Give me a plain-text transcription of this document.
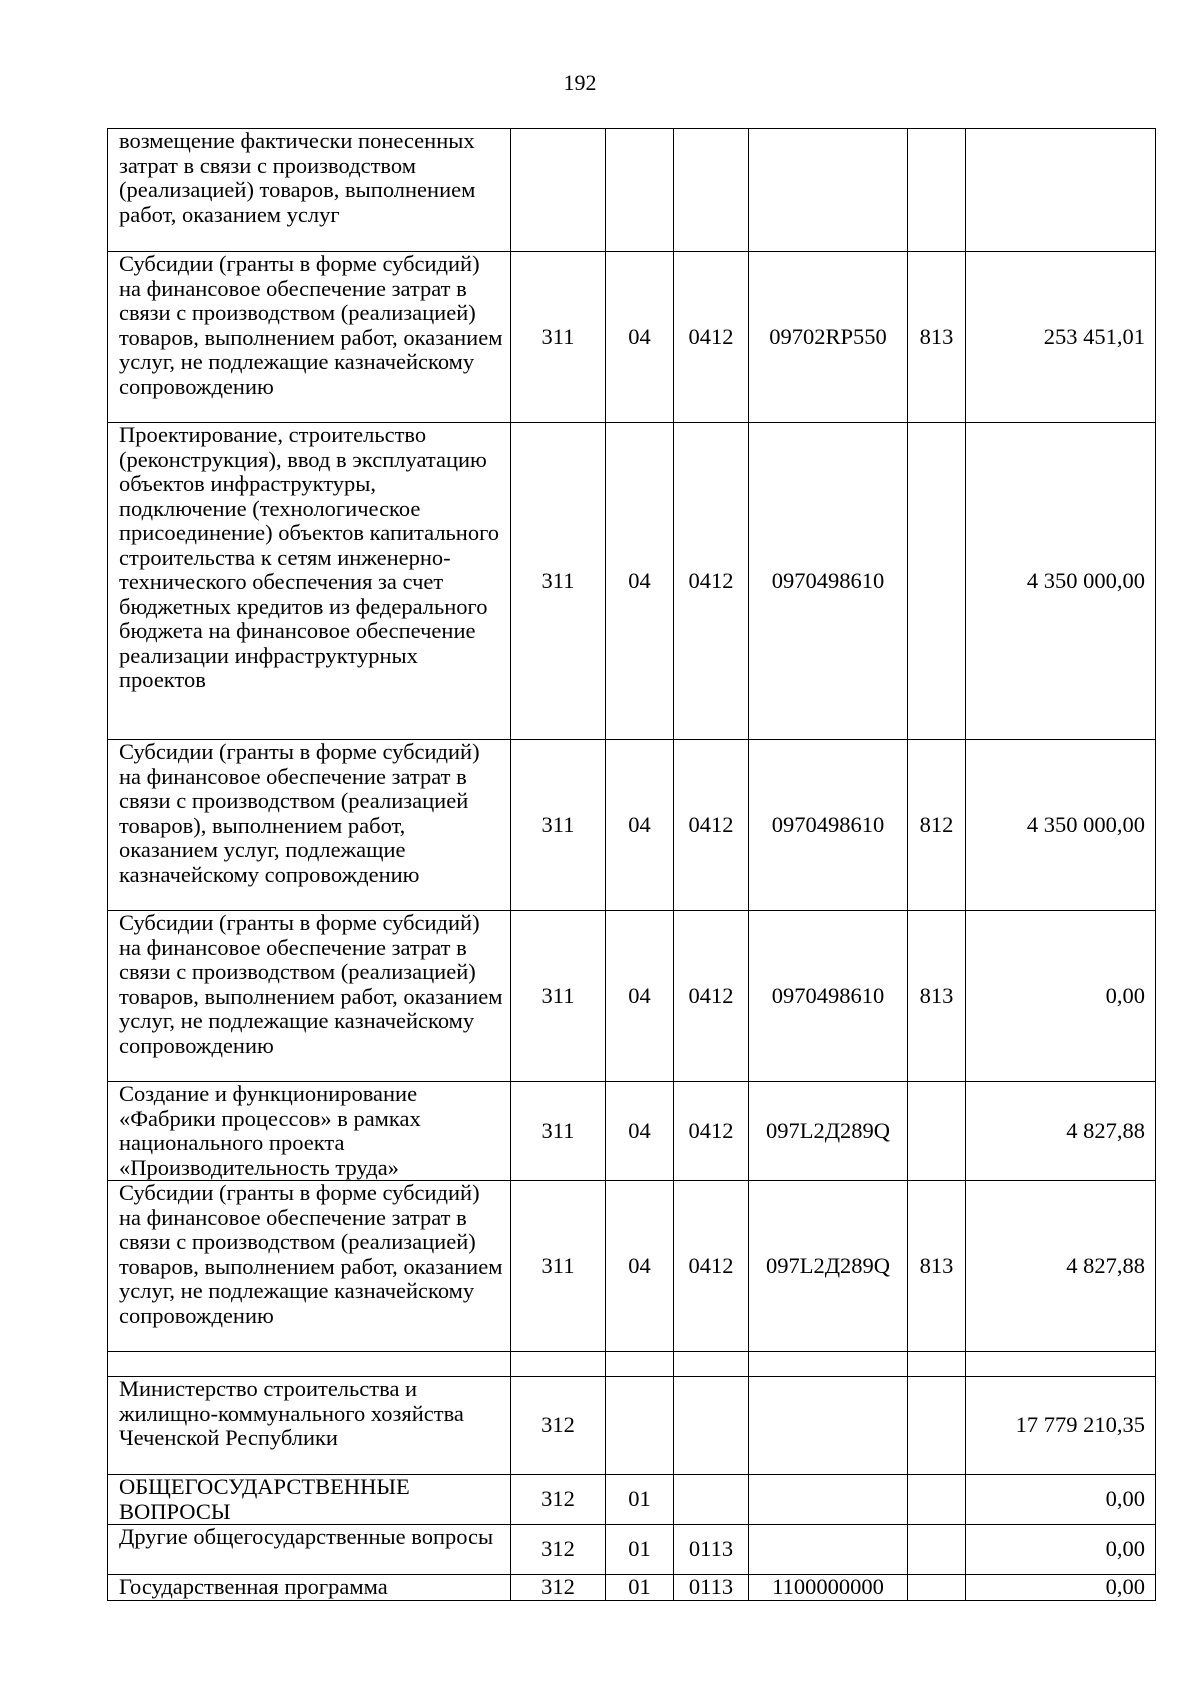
192
возмещение фактически понесенных затрат в связи с производством (реализацией) товаров, выполнением работ, оказанием услуг						
Субсидии (гранты в форме субсидий) на финансовое обеспечение затрат в связи с производством (реализацией) товаров, выполнением работ, оказанием услуг, не подлежащие казначейскому сопровождению	311	04	0412	09702RP550	813	253 451,01
Проектирование, строительство (реконструкция), ввод в эксплуатацию объектов инфраструктуры, подключение (технологическое присоединение) объектов капитального строительства к сетям инженерно-технического обеспечения за счет бюджетных кредитов из федерального бюджета на финансовое обеспечение реализации инфраструктурных проектов	311	04	0412	0970498610		4 350 000,00
Субсидии (гранты в форме субсидий) на финансовое обеспечение затрат в связи с производством (реализацией товаров), выполнением работ, оказанием услуг, подлежащие казначейскому сопровождению	311	04	0412	0970498610	812	4 350 000,00
Субсидии (гранты в форме субсидий) на финансовое обеспечение затрат в связи с производством (реализацией) товаров, выполнением работ, оказанием услуг, не подлежащие казначейскому сопровождению	311	04	0412	0970498610	813	0,00
Создание и функционирование «Фабрики процессов» в рамках национального проекта «Производительность труда»	311	04	0412	097L2Д289Q		4 827,88
Субсидии (гранты в форме субсидий) на финансовое обеспечение затрат в связи с производством (реализацией) товаров, выполнением работ, оказанием услуг, не подлежащие казначейскому сопровождению	311	04	0412	097L2Д289Q	813	4 827,88

Министерство строительства и жилищно-коммунального хозяйства Чеченской Республики	312					17 779 210,35
ОБЩЕГОСУДАРСТВЕННЫЕ ВОПРОСЫ	312	01				0,00
Другие общегосударственные вопросы	312	01	0113			0,00
Государственная программа	312	01	0113	1100000000		0,00
